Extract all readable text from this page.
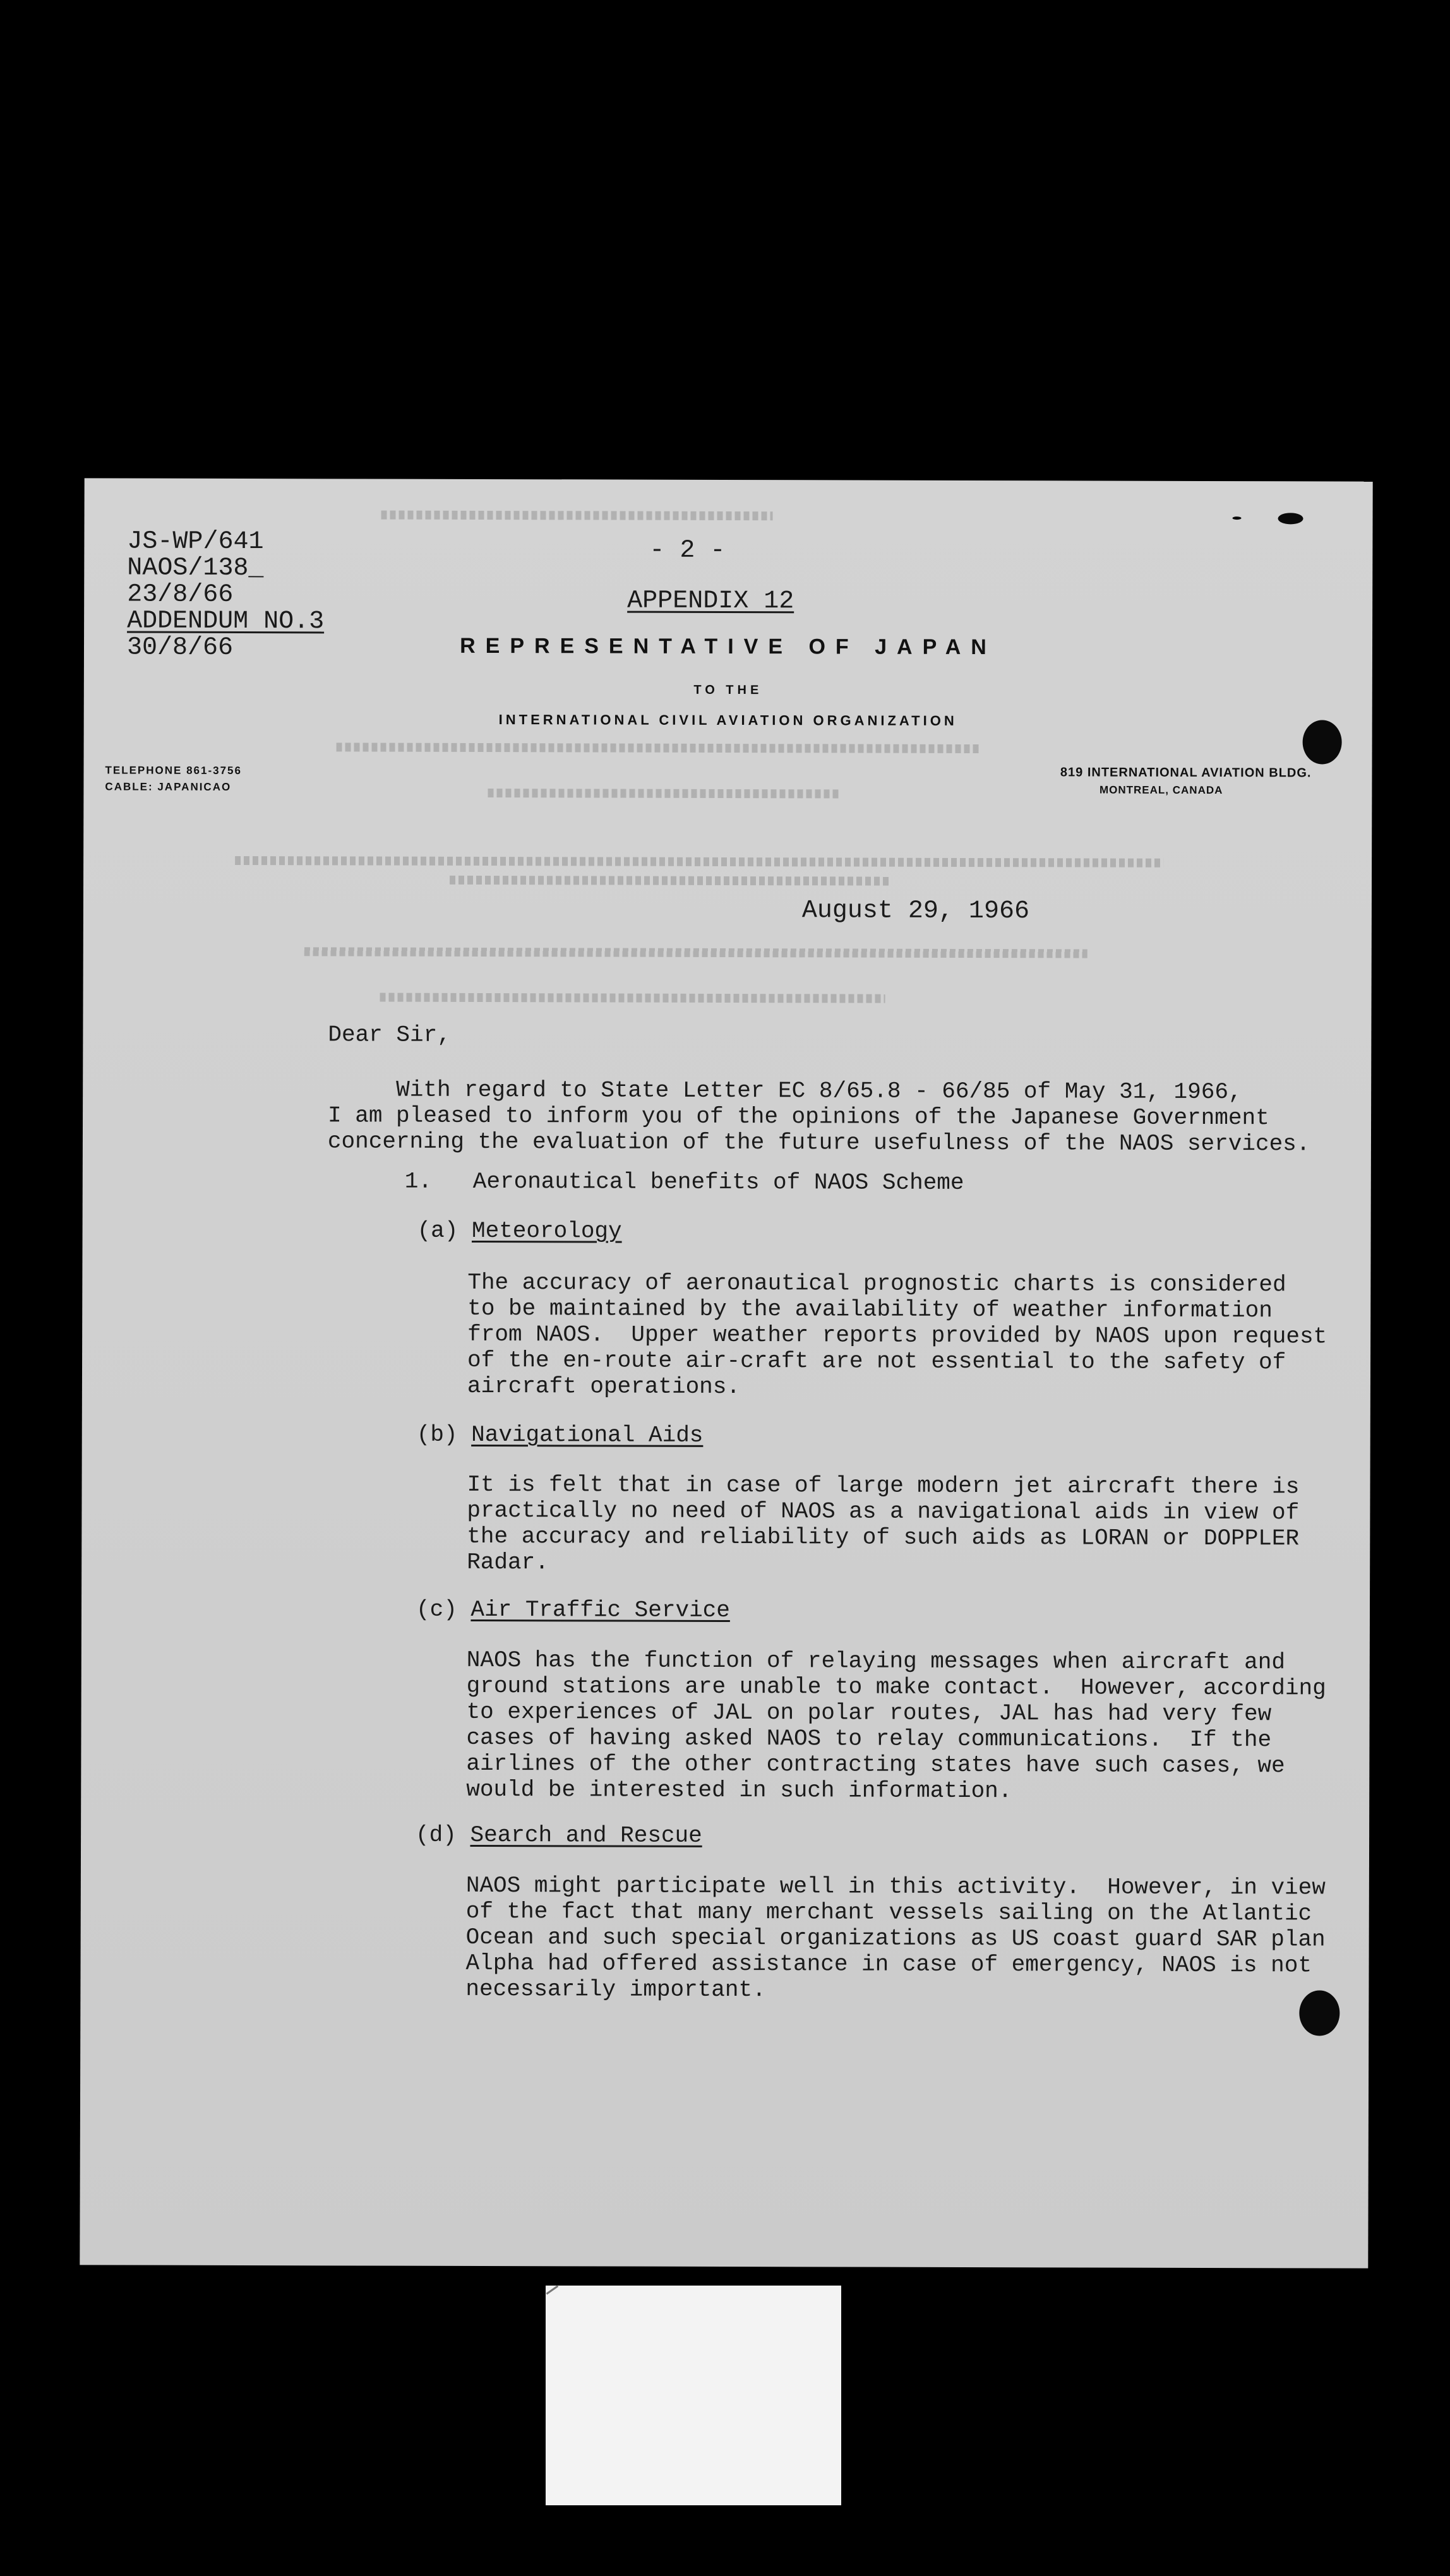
JS-WP/641
NAOS/138_
23/8/66
ADDENDUM NO.3
30/8/66
- 2 -
APPENDIX 12
REPRESENTATIVE OF JAPAN
TO THE
INTERNATIONAL CIVIL AVIATION ORGANIZATION
TELEPHONE 861-3756
CABLE: JAPANICAO
819 INTERNATIONAL AVIATION BLDG.
MONTREAL, CANADA
August 29, 1966
Dear Sir,
With regard to State Letter EC 8/65.8 - 66/85 of May 31, 1966,
I am pleased to inform you of the opinions of the Japanese Government
concerning the evaluation of the future usefulness of the NAOS services.
1.   Aeronautical benefits of NAOS Scheme
(a) Meteorology
The accuracy of aeronautical prognostic charts is considered
to be maintained by the availability of weather information
from NAOS.  Upper weather reports provided by NAOS upon request
of the en-route air-craft are not essential to the safety of
aircraft operations.
(b) Navigational Aids
It is felt that in case of large modern jet aircraft there is
practically no need of NAOS as a navigational aids in view of
the accuracy and reliability of such aids as LORAN or DOPPLER
Radar.
(c) Air Traffic Service
NAOS has the function of relaying messages when aircraft and
ground stations are unable to make contact.  However, according
to experiences of JAL on polar routes, JAL has had very few
cases of having asked NAOS to relay communications.  If the
airlines of the other contracting states have such cases, we
would be interested in such information.
(d) Search and Rescue
NAOS might participate well in this activity.  However, in view
of the fact that many merchant vessels sailing on the Atlantic
Ocean and such special organizations as US coast guard SAR plan
Alpha had offered assistance in case of emergency, NAOS is not
necessarily important.
